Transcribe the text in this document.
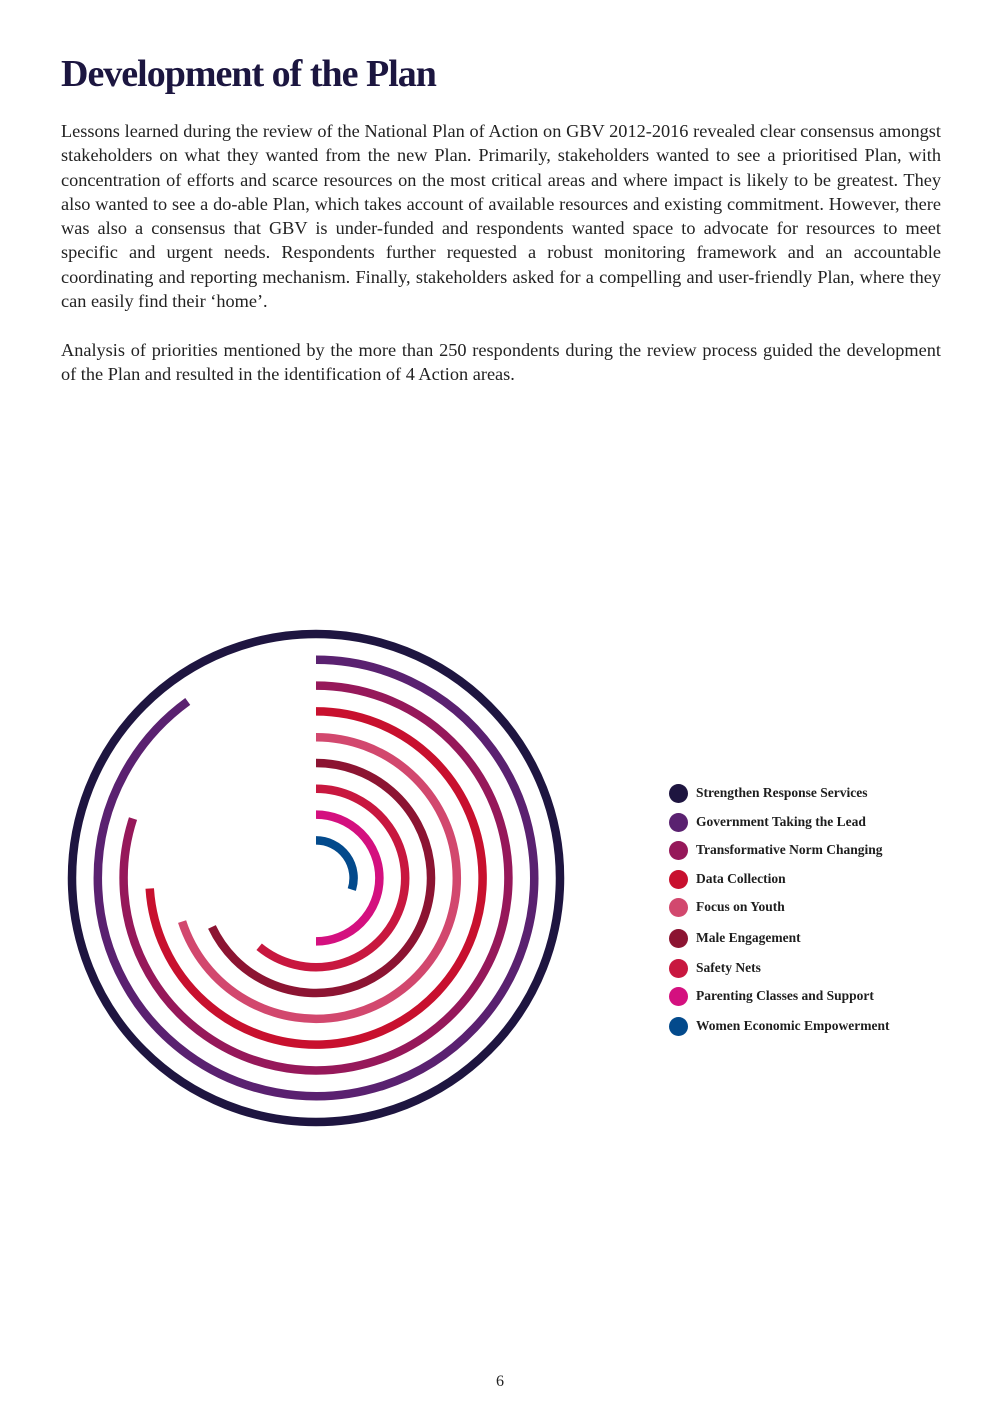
Development of the Plan

Lessons learned during the review of the National Plan of Action on GBV 2012-2016 revealed clear consensus amongst stakeholders on what they wanted from the new Plan. Primarily, stakeholders wanted to see a prioritised Plan, with concentration of efforts and scarce resources on the most critical areas and where impact is likely to be greatest. They also wanted to see a do-able Plan, which takes account of available resources and existing commitment. However, there was also a consensus that GBV is under-funded and respondents wanted space to advocate for resources to meet specific and urgent needs. Respondents further requested a robust monitoring framework and an accountable coordinating and reporting mechanism. Finally, stakeholders asked for a compelling and user-friendly Plan, where they can easily find their ‘home’.

Analysis of priorities mentioned by the more than 250 respondents during the review process guided the development of the Plan and resulted in the identification of 4 Action areas.

Strengthen Response Services
Government Taking the Lead
Transformative Norm Changing
Data Collection
Focus on Youth
Male Engagement
Safety Nets
Parenting Classes and Support
Women Economic Empowerment
6
